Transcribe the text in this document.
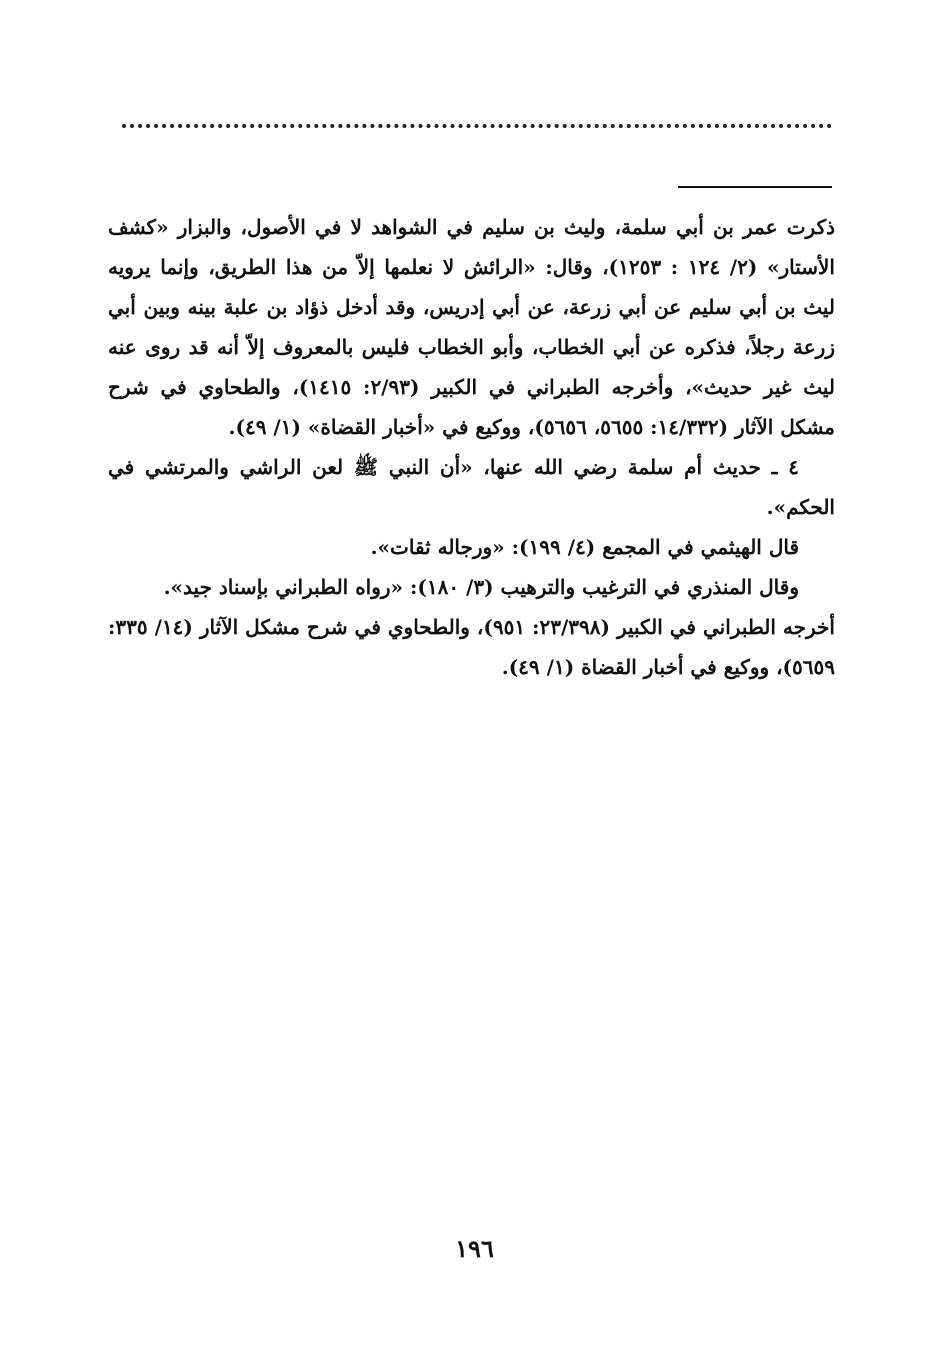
ذكرت عمر بن أبي سلمة، وليث بن سليم في الشواهد لا في الأصول، والبزار «كشف الأستار» (٢/ ١٢٤ : ١٢٥٣)، وقال: «الرائش لا نعلمها إلاّ من هذا الطريق، وإنما يرويه ليث بن أبي سليم عن أبي زرعة، عن أبي إدريس، وقد أدخل ذؤاد بن علبة بينه وبين أبي زرعة رجلاً، فذكره عن أبي الخطاب، وأبو الخطاب فليس بالمعروف إلاّ أنه قد روى عنه ليث غير حديث»، وأخرجه الطبراني في الكبير (٢/٩٣: ١٤١٥)، والطحاوي في شرح مشكل الآثار (١٤/٣٣٢: ٥٦٥٥، ٥٦٥٦)، ووكيع في «أخبار القضاة» (١/ ٤٩).

٤ ـ حديث أم سلمة رضي الله عنها، «أن النبي ﷺ لعن الراشي والمرتشي في الحكم».

قال الهيثمي في المجمع (٤/ ١٩٩): «ورجاله ثقات».

وقال المنذري في الترغيب والترهيب (٣/ ١٨٠): «رواه الطبراني بإسناد جيد».

أخرجه الطبراني في الكبير (٢٣/٣٩٨: ٩٥١)، والطحاوي في شرح مشكل الآثار (١٤/ ٣٣٥: ٥٦٥٩)، ووكيع في أخبار القضاة (١/ ٤٩).

١٩٦
